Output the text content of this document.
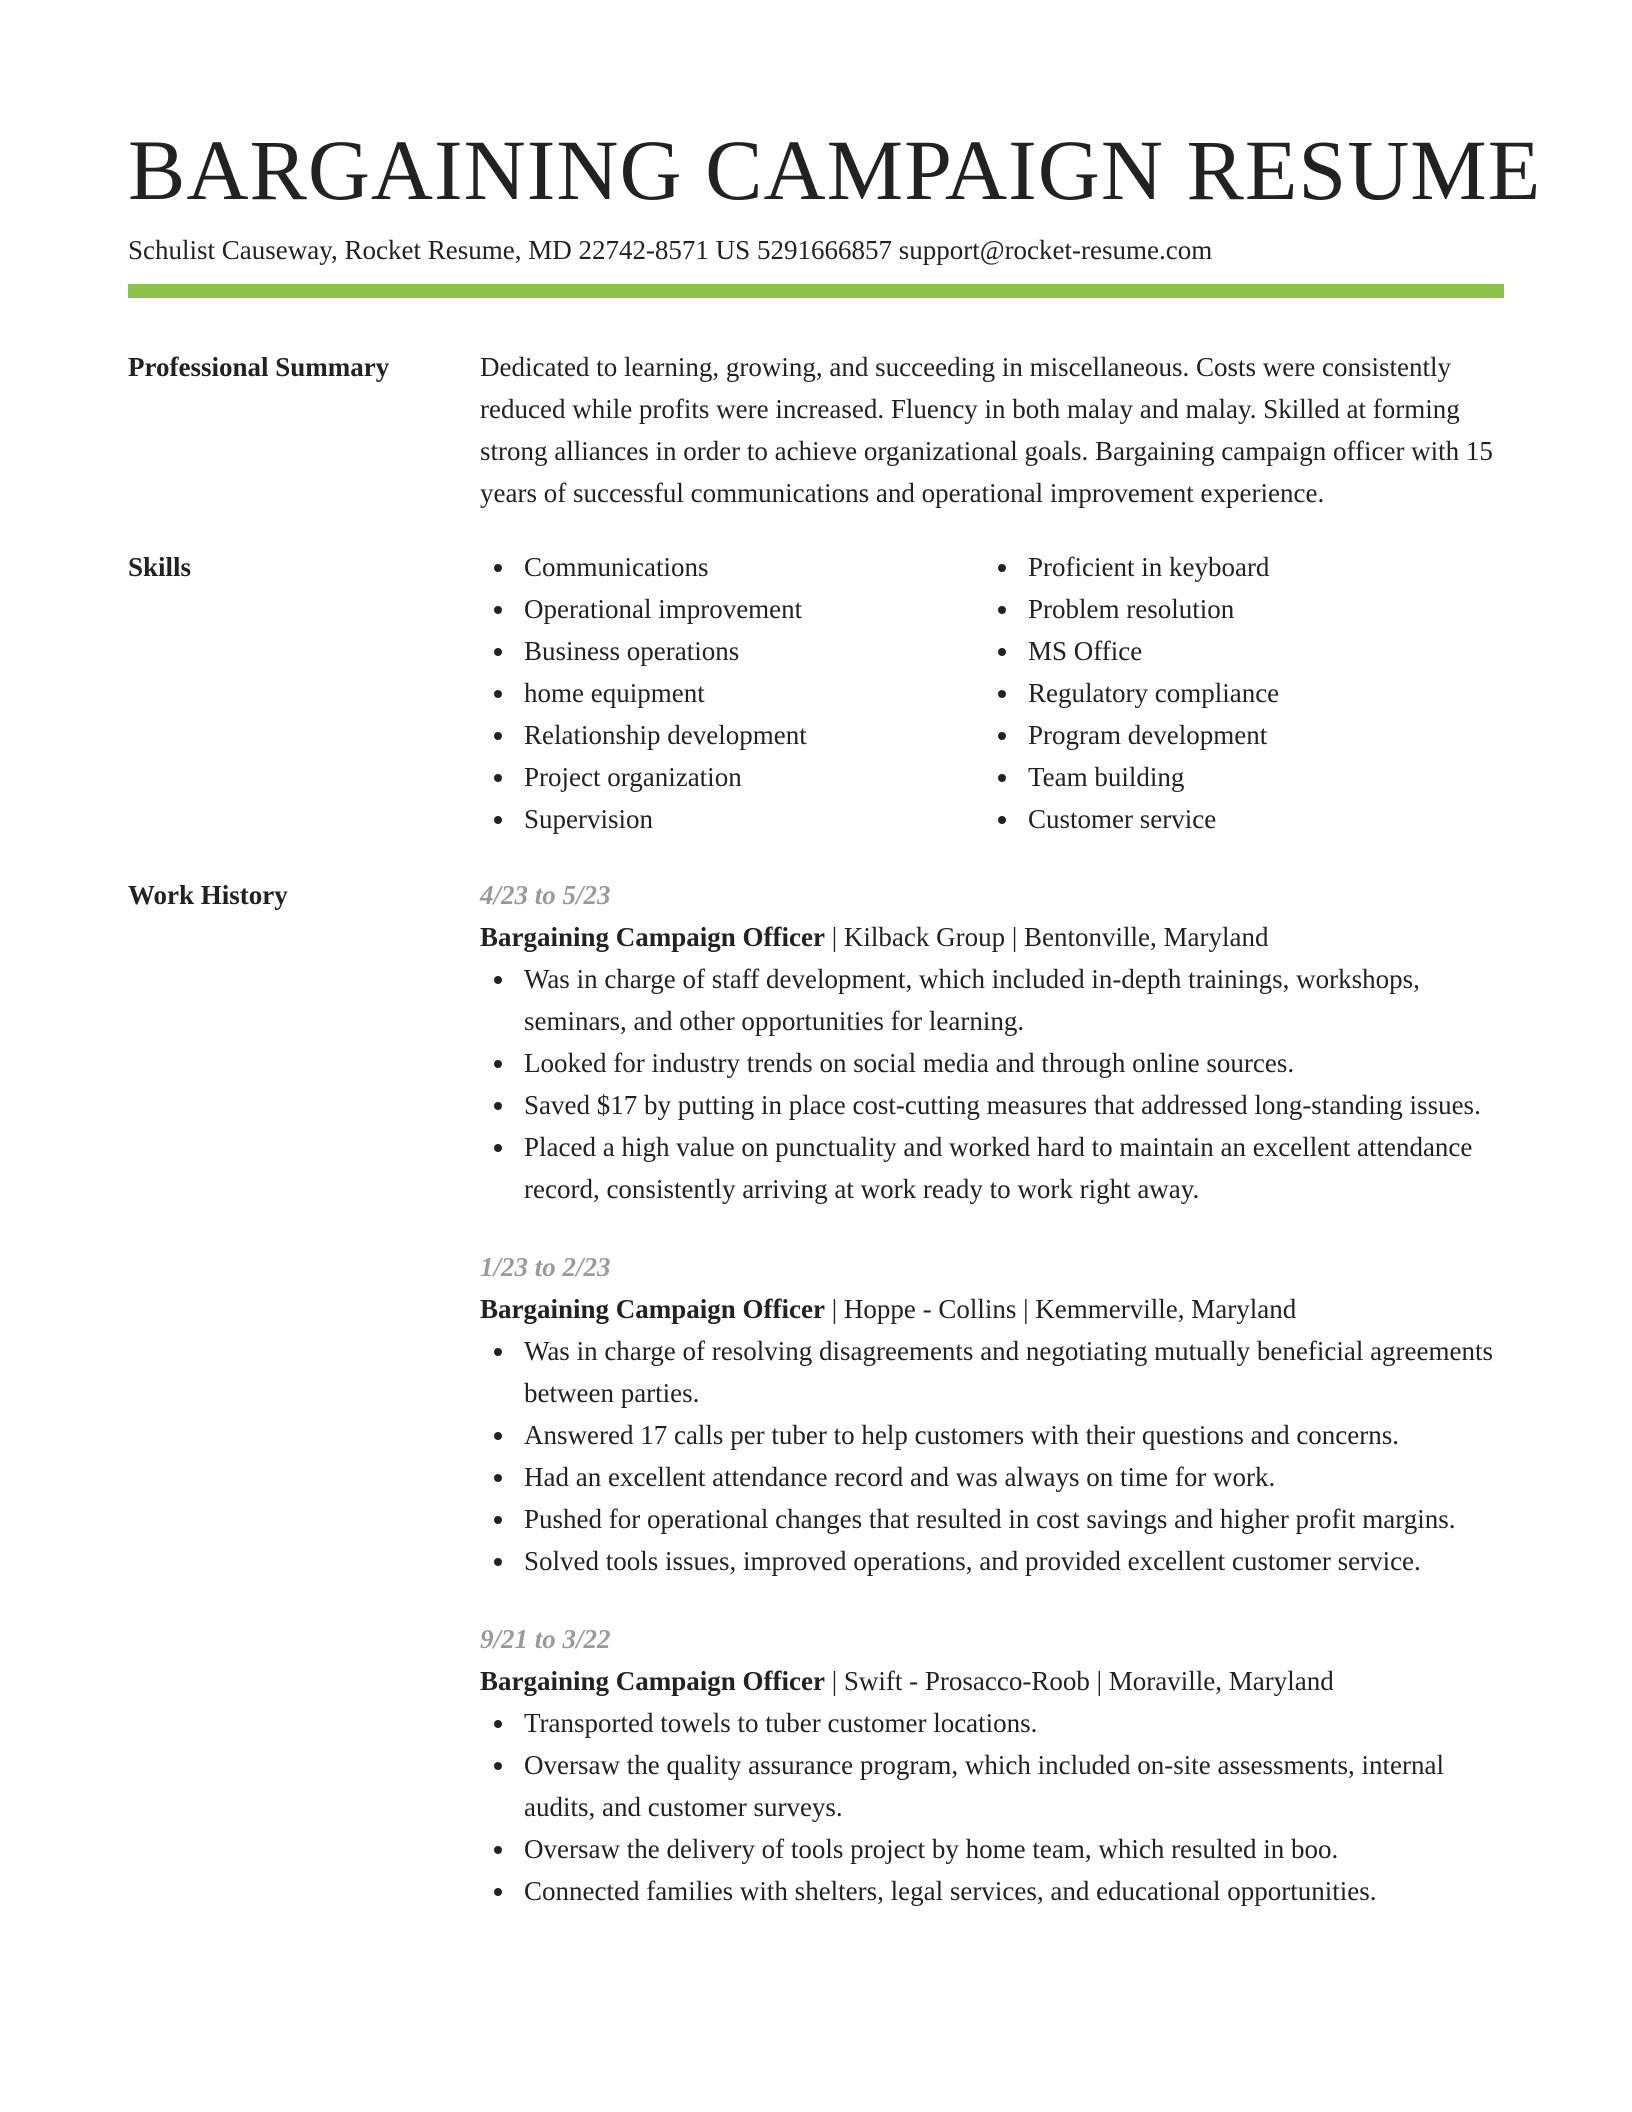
BARGAINING CAMPAIGN RESUME
Schulist Causeway, Rocket Resume, MD 22742-8571 US 5291666857 support@rocket-resume.com
Professional Summary	Dedicated to learning, growing, and succeeding in miscellaneous. Costs were consistently reduced while profits were increased. Fluency in both malay and malay. Skilled at forming strong alliances in order to achieve organizational goals. Bargaining campaign officer with 15 years of successful communications and operational improvement experience.
Skills	Communications
Operational improvement
Business operations
home equipment
Relationship development
Project organization
Supervision
Proficient in keyboard
Problem resolution
MS Office
Regulatory compliance
Program development
Team building
Customer service
Work History	4/23 to 5/23
Bargaining Campaign Officer | Kilback Group | Bentonville, Maryland
Was in charge of staff development, which included in-depth trainings, workshops, seminars, and other opportunities for learning.
Looked for industry trends on social media and through online sources.
Saved $17 by putting in place cost-cutting measures that addressed long-standing issues.
Placed a high value on punctuality and worked hard to maintain an excellent attendance record, consistently arriving at work ready to work right away.
1/23 to 2/23
Bargaining Campaign Officer | Hoppe - Collins | Kemmerville, Maryland
Was in charge of resolving disagreements and negotiating mutually beneficial agreements between parties.
Answered 17 calls per tuber to help customers with their questions and concerns.
Had an excellent attendance record and was always on time for work.
Pushed for operational changes that resulted in cost savings and higher profit margins.
Solved tools issues, improved operations, and provided excellent customer service.
9/21 to 3/22
Bargaining Campaign Officer | Swift - Prosacco-Roob | Moraville, Maryland
Transported towels to tuber customer locations.
Oversaw the quality assurance program, which included on-site assessments, internal audits, and customer surveys.
Oversaw the delivery of tools project by home team, which resulted in boo.
Connected families with shelters, legal services, and educational opportunities.
